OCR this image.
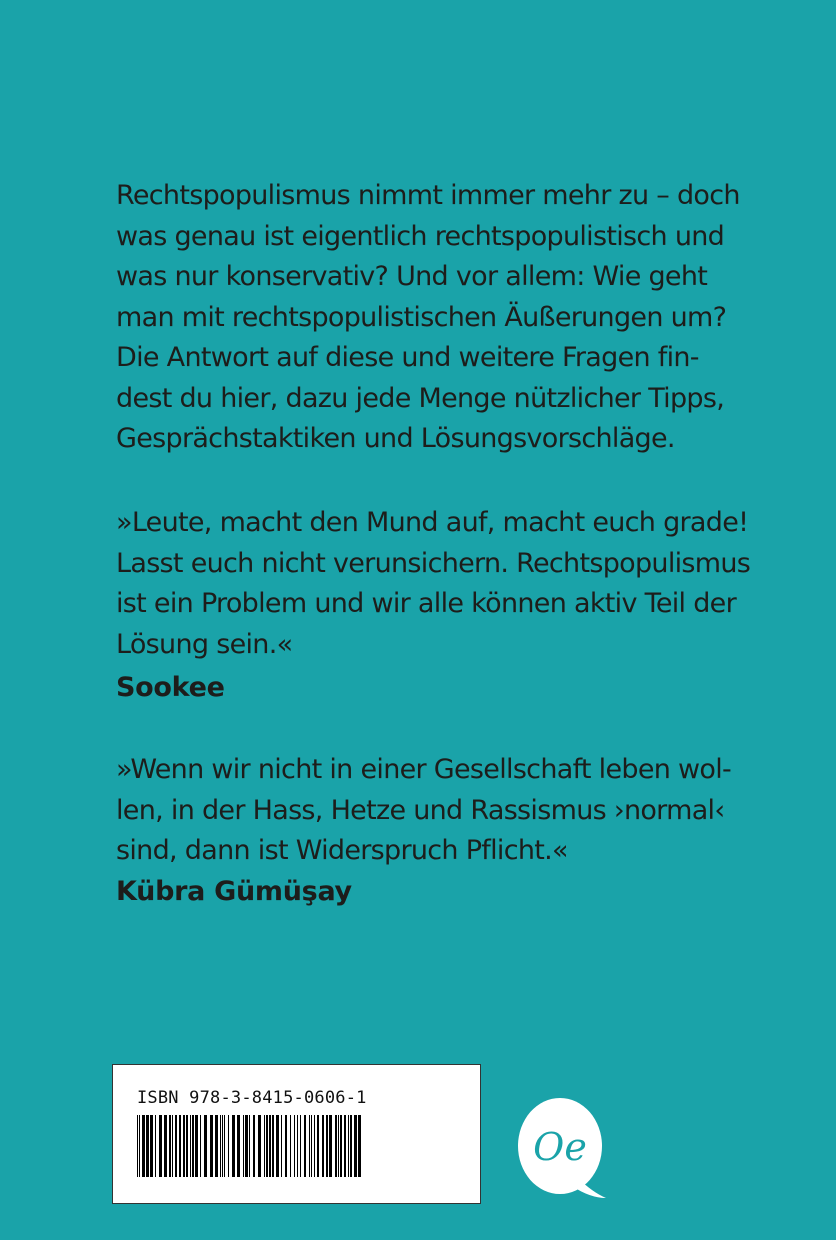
Rechtspopulismus nimmt immer mehr zu – doch
was genau ist eigentlich rechtspopulistisch und
was nur konservativ? Und vor allem: Wie geht
man mit rechtspopulistischen Äußerungen um?
Die Antwort auf diese und weitere Fragen fin-
dest du hier, dazu jede Menge nützlicher Tipps,
Gesprächstaktiken und Lösungsvorschläge.

»Leute, macht den Mund auf, macht euch grade!
Lasst euch nicht verunsichern. Rechtspopulismus
ist ein Problem und wir alle können aktiv Teil der
Lösung sein.«

Sookee

»Wenn wir nicht in einer Gesellschaft leben wol-
len, in der Hass, Hetze und Rassismus ›normal‹
sind, dann ist Widerspruch Pflicht.«

Kübra Gümüşay

ISBN 978-3-8415-0606-1

Oe
